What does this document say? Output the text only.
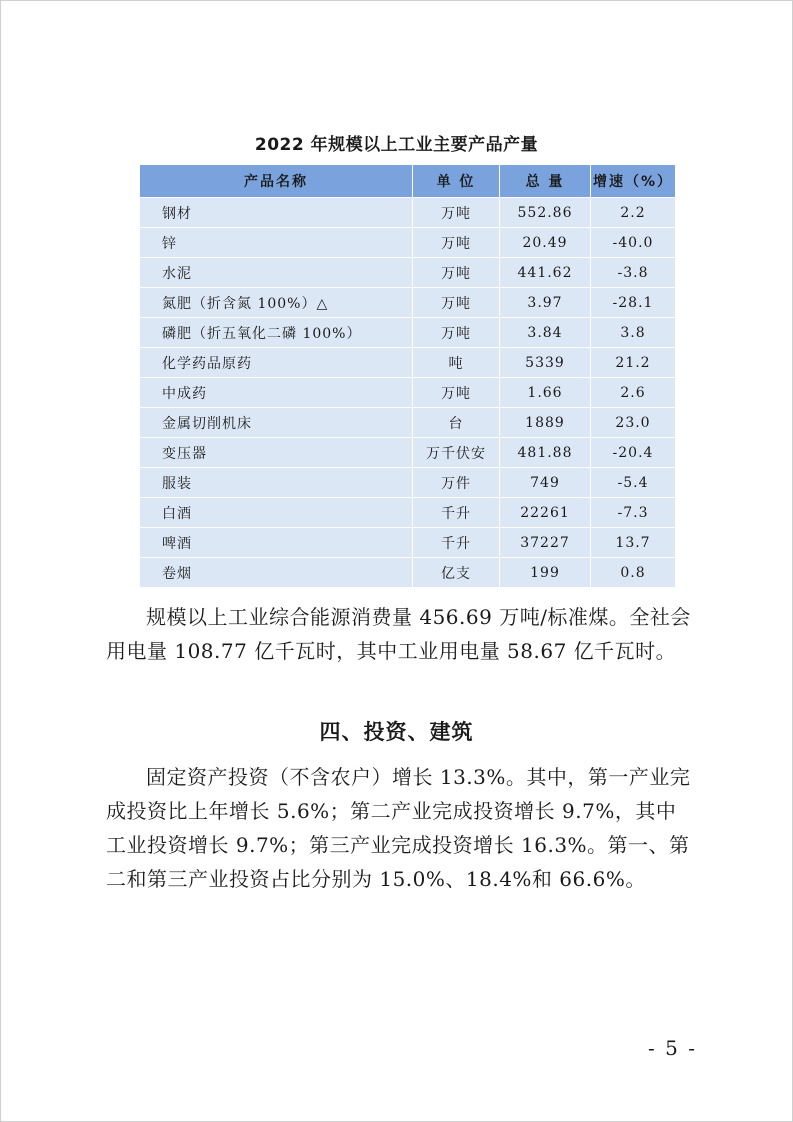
2022 年规模以上工业主要产品产量
产品名称	单 位	总 量	增速（%）
钢材	万吨	552.86	2.2
锌	万吨	20.49	-40.0
水泥	万吨	441.62	-3.8
氮肥（折含氮 100%）△	万吨	3.97	-28.1
磷肥（折五氧化二磷 100%）	万吨	3.84	3.8
化学药品原药	吨	5339	21.2
中成药	万吨	1.66	2.6
金属切削机床	台	1889	23.0
变压器	万千伏安	481.88	-20.4
服装	万件	749	-5.4
白酒	千升	22261	-7.3
啤酒	千升	37227	13.7
卷烟	亿支	199	0.8

规模以上工业综合能源消费量 456.69 万吨/标准煤。全社会用电量 108.77 亿千瓦时，其中工业用电量 58.67 亿千瓦时。

四、投资、建筑

固定资产投资（不含农户）增长 13.3%。其中，第一产业完成投资比上年增长 5.6%；第二产业完成投资增长 9.7%，其中工业投资增长 9.7%；第三产业完成投资增长 16.3%。第一、第二和第三产业投资占比分别为 15.0%、18.4%和 66.6%。

- 5 -
